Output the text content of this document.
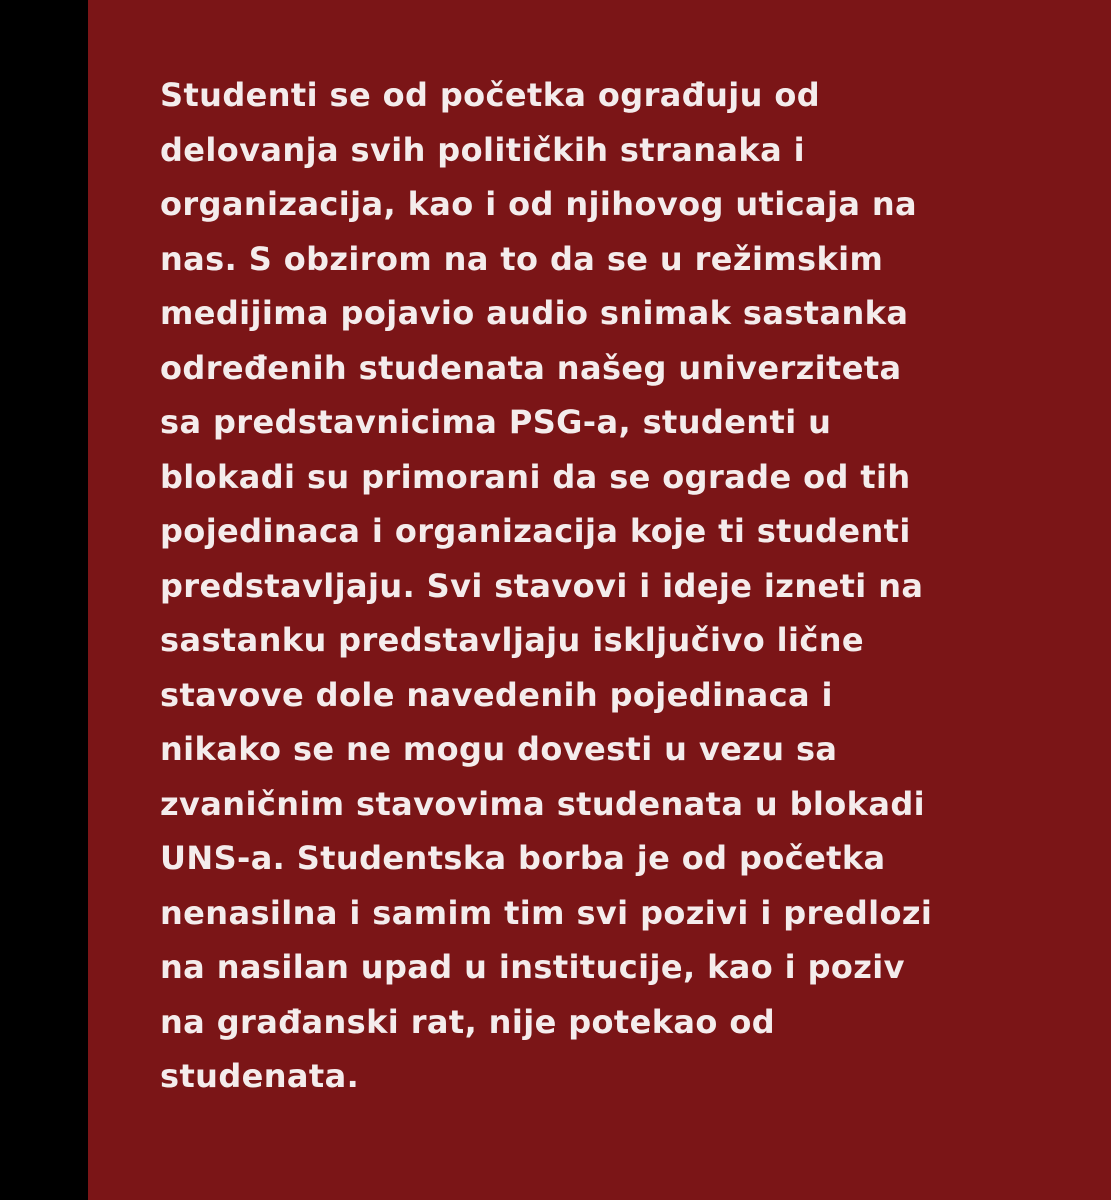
Studenti se od početka ograđuju od
delovanja svih političkih stranaka i
organizacija, kao i od njihovog uticaja na
nas. S obzirom na to da se u režimskim
medijima pojavio audio snimak sastanka
određenih studenata našeg univerziteta
sa predstavnicima PSG-a, studenti u
blokadi su primorani da se ograde od tih
pojedinaca i organizacija koje ti studenti
predstavljaju. Svi stavovi i ideje izneti na
sastanku predstavljaju isključivo lične
stavove dole navedenih pojedinaca i
nikako se ne mogu dovesti u vezu sa
zvaničnim stavovima studenata u blokadi
UNS-a. Studentska borba je od početka
nenasilna i samim tim svi pozivi i predlozi
na nasilan upad u institucije, kao i poziv
na građanski rat, nije potekao od
studenata.
